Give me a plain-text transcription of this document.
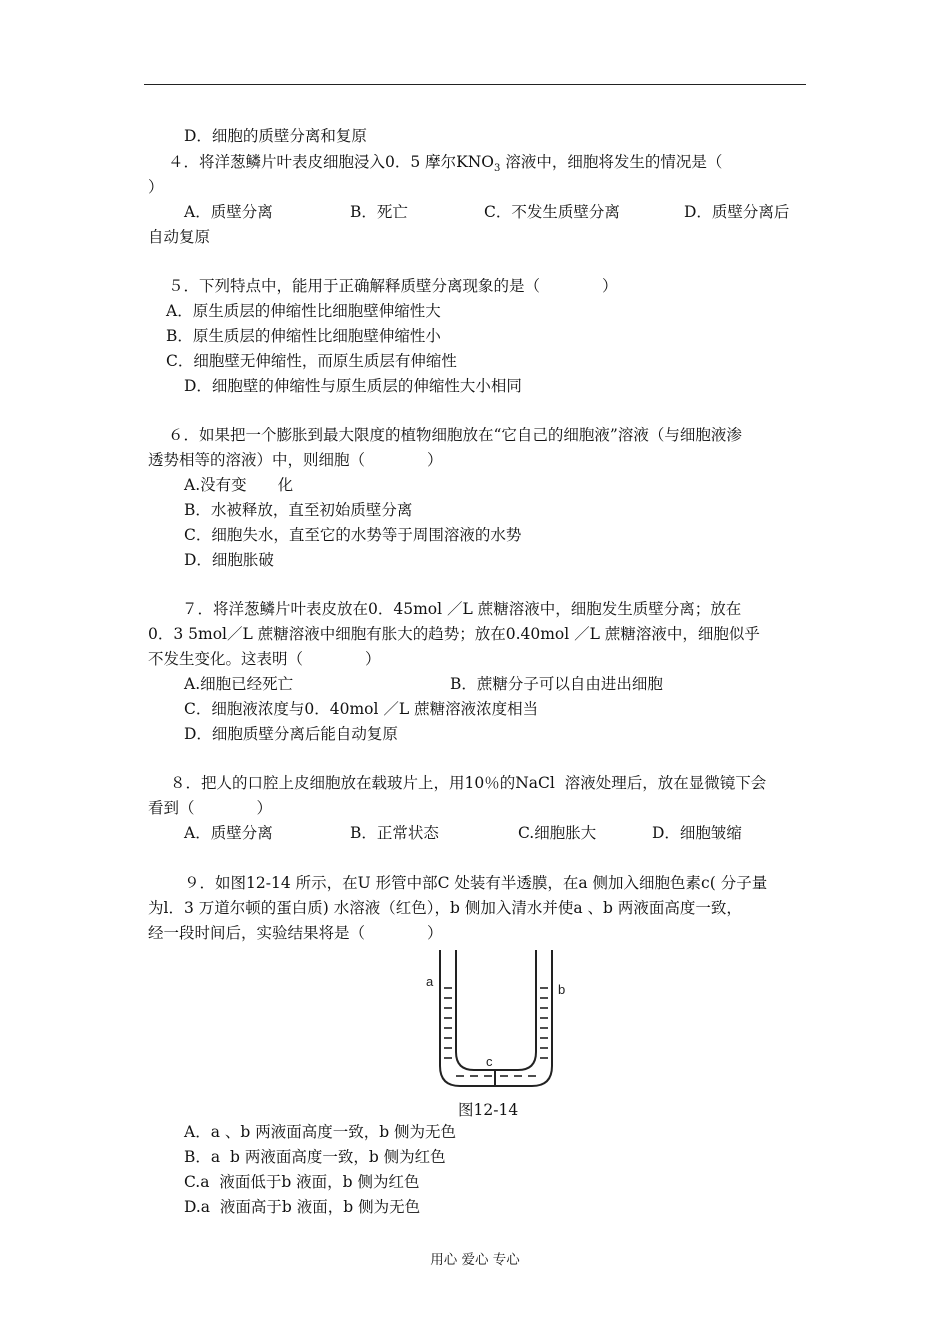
D．细胞的质壁分离和复原
４．将洋葱鳞片叶表皮细胞浸入0．5 摩尔$KNO_3$ 溶液中，细胞将发生的情况是（
）
A．质壁分离	B．死亡	C．不发生质壁分离	D．质壁分离后
自动复原
５．下列特点中，能用于正确解释质壁分离现象的是（　　　　）
A．原生质层的伸缩性比细胞壁伸缩性大
B．原生质层的伸缩性比细胞壁伸缩性小
C．细胞壁无伸缩性，而原生质层有伸缩性
D．细胞壁的伸缩性与原生质层的伸缩性大小相同
６．如果把一个膨胀到最大限度的植物细胞放在“它自己的细胞液”溶液（与细胞液渗
透势相等的溶液）中，则细胞（　　　　）
A.没有变　　化
B．水被释放，直至初始质壁分离
C．细胞失水，直至它的水势等于周围溶液的水势
D．细胞胀破
７．将洋葱鳞片叶表皮放在0．45mol ／L 蔗糖溶液中，细胞发生质壁分离；放在
0．3 5mol／L 蔗糖溶液中细胞有胀大的趋势；放在0.40mol ／L 蔗糖溶液中，细胞似乎
不发生变化。这表明（　　　　）
A.细胞已经死亡	B．蔗糖分子可以自由进出细胞
C．细胞液浓度与0．40mol ／L 蔗糖溶液浓度相当
D．细胞质壁分离后能自动复原
８．把人的口腔上皮细胞放在载玻片上，用10％的NaCl  溶液处理后，放在显微镜下会
看到（　　　　）
A．质壁分离	B．正常状态	C.细胞胀大	D．细胞皱缩
９．如图12-14 所示，在U 形管中部C 处装有半透膜，在a 侧加入细胞色素c( 分子量
为l．3 万道尔顿的蛋白质) 水溶液（红色），b 侧加入清水并使a 、b 两液面高度一致，
经一段时间后，实验结果将是（　　　　）
a
b
c
图12-14
A．a 、b 两液面高度一致，b 侧为无色
B．a  b 两液面高度一致，b 侧为红色
C.a  液面低于b 液面，b 侧为红色
D.a  液面高于b 液面，b 侧为无色
用心 爱心 专心
